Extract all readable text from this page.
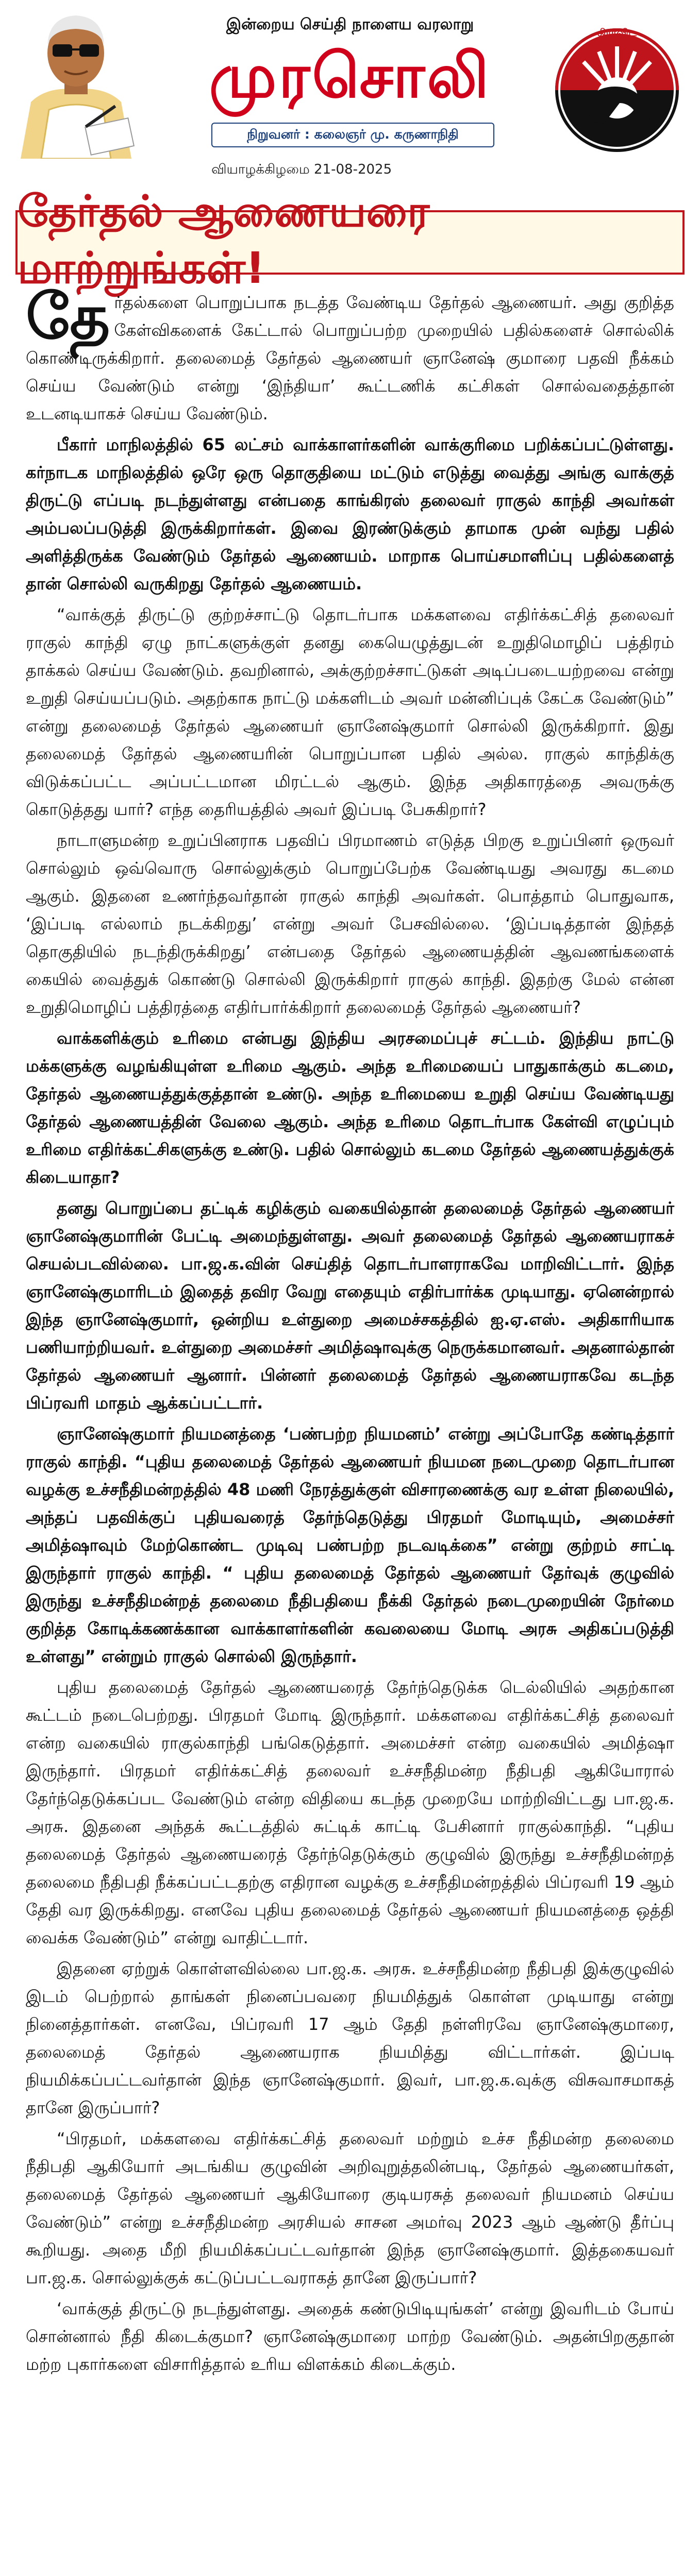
இன்றைய செய்தி நாளைய வரலாறு
முரசொலி
நிறுவனர் : கலைஞர் மு. கருணாநிதி
வியாழக்கிழமை 21-08-2025
திராவிட
தேர்தல் ஆணையரை மாற்றுங்கள்!

தேர்தல்களை பொறுப்பாக நடத்த வேண்டிய தேர்தல் ஆணையர். அது குறித்த கேள்விகளைக் கேட்டால் பொறுப்பற்ற முறையில் பதில்களைச் சொல்லிக் கொண்டிருக்கிறார். தலைமைத் தேர்தல் ஆணையர் ஞானேஷ் குமாரை பதவி நீக்கம் செய்ய வேண்டும் என்று ‘இந்தியா’ கூட்டணிக் கட்சிகள் சொல்வதைத்தான் உடனடியாகச் செய்ய வேண்டும்.

பீகார் மாநிலத்தில் 65 லட்சம் வாக்காளர்களின் வாக்குரிமை பறிக்கப்பட்டுள்ளது. கர்நாடக மாநிலத்தில் ஒரே ஒரு தொகுதியை மட்டும் எடுத்து வைத்து அங்கு வாக்குத் திருட்டு எப்படி நடந்துள்ளது என்பதை காங்கிரஸ் தலைவர் ராகுல் காந்தி அவர்கள் அம்பலப்படுத்தி இருக்கிறார்கள். இவை இரண்டுக்கும் தாமாக முன் வந்து பதில் அளித்திருக்க வேண்டும் தேர்தல் ஆணையம். மாறாக பொய்சமாளிப்பு பதில்களைத் தான் சொல்லி வருகிறது தேர்தல் ஆணையம்.

“வாக்குத் திருட்டு குற்றச்சாட்டு தொடர்பாக மக்களவை எதிர்க்கட்சித் தலைவர் ராகுல் காந்தி ஏழு நாட்களுக்குள் தனது கையெழுத்துடன் உறுதிமொழிப் பத்திரம் தாக்கல் செய்ய வேண்டும். தவறினால், அக்குற்றச்சாட்டுகள் அடிப்படையற்றவை என்று உறுதி செய்யப்படும். அதற்காக நாட்டு மக்களிடம் அவர் மன்னிப்புக் கேட்க வேண்டும்” என்று தலைமைத் தேர்தல் ஆணையர் ஞானேஷ்குமார் சொல்லி இருக்கிறார். இது தலைமைத் தேர்தல் ஆணையரின் பொறுப்பான பதில் அல்ல. ராகுல் காந்திக்கு விடுக்கப்பட்ட அப்பட்டமான மிரட்டல் ஆகும். இந்த அதிகாரத்தை அவருக்கு கொடுத்தது யார்? எந்த தைரியத்தில் அவர் இப்படி பேசுகிறார்?

நாடாளுமன்ற உறுப்பினராக பதவிப் பிரமாணம் எடுத்த பிறகு உறுப்பினர் ஒருவர் சொல்லும் ஒவ்வொரு சொல்லுக்கும் பொறுப்பேற்க வேண்டியது அவரது கடமை ஆகும். இதனை உணர்ந்தவர்தான் ராகுல் காந்தி அவர்கள். பொத்தாம் பொதுவாக, ‘இப்படி எல்லாம் நடக்கிறது’ என்று அவர் பேசவில்லை. ‘இப்படித்தான் இந்தத் தொகுதியில் நடந்திருக்கிறது’ என்பதை தேர்தல் ஆணையத்தின் ஆவணங்களைக் கையில் வைத்துக் கொண்டு சொல்லி இருக்கிறார் ராகுல் காந்தி. இதற்கு மேல் என்ன உறுதிமொழிப் பத்திரத்தை எதிர்பார்க்கிறார் தலைமைத் தேர்தல் ஆணையர்?

வாக்களிக்கும் உரிமை என்பது இந்திய அரசமைப்புச் சட்டம். இந்திய நாட்டு மக்களுக்கு வழங்கியுள்ள உரிமை ஆகும். அந்த உரிமையைப் பாதுகாக்கும் கடமை, தேர்தல் ஆணையத்துக்குத்தான் உண்டு. அந்த உரிமையை உறுதி செய்ய வேண்டியது தேர்தல் ஆணையத்தின் வேலை ஆகும். அந்த உரிமை தொடர்பாக கேள்வி எழுப்பும் உரிமை எதிர்க்கட்சிகளுக்கு உண்டு. பதில் சொல்லும் கடமை தேர்தல் ஆணையத்துக்குக் கிடையாதா?

தனது பொறுப்பை தட்டிக் கழிக்கும் வகையில்தான் தலைமைத் தேர்தல் ஆணையர் ஞானேஷ்குமாரின் பேட்டி அமைந்துள்ளது. அவர் தலைமைத் தேர்தல் ஆணையராகச் செயல்படவில்லை. பா.ஜ.க.வின் செய்தித் தொடர்பாளராகவே மாறிவிட்டார். இந்த ஞானேஷ்குமாரிடம் இதைத் தவிர வேறு எதையும் எதிர்பார்க்க முடியாது. ஏனென்றால் இந்த ஞானேஷ்குமார், ஒன்றிய உள்துறை அமைச்சகத்தில் ஐ.ஏ.எஸ். அதிகாரியாக பணியாற்றியவர். உள்துறை அமைச்சர் அமித்ஷாவுக்கு நெருக்கமானவர். அதனால்தான் தேர்தல் ஆணையர் ஆனார். பின்னர் தலைமைத் தேர்தல் ஆணையராகவே கடந்த பிப்ரவரி மாதம் ஆக்கப்பட்டார்.

ஞானேஷ்குமார் நியமனத்தை ‘பண்பற்ற நியமனம்’ என்று அப்போதே கண்டித்தார் ராகுல் காந்தி. “புதிய தலைமைத் தேர்தல் ஆணையர் நியமன நடைமுறை தொடர்பான வழக்கு உச்சநீதிமன்றத்தில் 48 மணி நேரத்துக்குள் விசாரணைக்கு வர உள்ள நிலையில், அந்தப் பதவிக்குப் புதியவரைத் தேர்ந்தெடுத்து பிரதமர் மோடியும், அமைச்சர் அமித்ஷாவும் மேற்கொண்ட முடிவு பண்பற்ற நடவடிக்கை” என்று குற்றம் சாட்டி இருந்தார் ராகுல் காந்தி. “ புதிய தலைமைத் தேர்தல் ஆணையர் தேர்வுக் குழுவில் இருந்து உச்சநீதிமன்றத் தலைமை நீதிபதியை நீக்கி தேர்தல் நடைமுறையின் நேர்மை குறித்த கோடிக்கணக்கான வாக்காளர்களின் கவலையை மோடி அரசு அதிகப்படுத்தி உள்ளது” என்றும் ராகுல் சொல்லி இருந்தார்.

புதிய தலைமைத் தேர்தல் ஆணையரைத் தேர்ந்தெடுக்க டெல்லியில் அதற்கான கூட்டம் நடைபெற்றது. பிரதமர் மோடி இருந்தார். மக்களவை எதிர்க்கட்சித் தலைவர் என்ற வகையில் ராகுல்காந்தி பங்கெடுத்தார். அமைச்சர் என்ற வகையில் அமித்ஷா இருந்தார். பிரதமர் எதிர்க்கட்சித் தலைவர் உச்சநீதிமன்ற நீதிபதி ஆகியோரால் தேர்ந்தெடுக்கப்பட வேண்டும் என்ற விதியை கடந்த முறையே மாற்றிவிட்டது பா.ஜ.க. அரசு. இதனை அந்தக் கூட்டத்தில் சுட்டிக் காட்டி பேசினார் ராகுல்காந்தி. “புதிய தலைமைத் தேர்தல் ஆணையரைத் தேர்ந்தெடுக்கும் குழுவில் இருந்து உச்சநீதிமன்றத் தலைமை நீதிபதி நீக்கப்பட்டதற்கு எதிரான வழக்கு உச்சநீதிமன்றத்தில் பிப்ரவரி 19 ஆம் தேதி வர இருக்கிறது. எனவே புதிய தலைமைத் தேர்தல் ஆணையர் நியமனத்தை ஒத்தி வைக்க வேண்டும்” என்று வாதிட்டார்.

இதனை ஏற்றுக் கொள்ளவில்லை பா.ஜ.க. அரசு. உச்சநீதிமன்ற நீதிபதி இக்குழுவில் இடம் பெற்றால் தாங்கள் நினைப்பவரை நியமித்துக் கொள்ள முடியாது என்று நினைத்தார்கள். எனவே, பிப்ரவரி 17 ஆம் தேதி நள்ளிரவே ஞானேஷ்குமாரை, தலைமைத் தேர்தல் ஆணையராக நியமித்து விட்டார்கள். இப்படி நியமிக்கப்பட்டவர்தான் இந்த ஞானேஷ்குமார். இவர், பா.ஜ.க.வுக்கு விசுவாசமாகத் தானே இருப்பார்?

“பிரதமர், மக்களவை எதிர்க்கட்சித் தலைவர் மற்றும் உச்ச நீதிமன்ற தலைமை நீதிபதி ஆகியோர் அடங்கிய குழுவின் அறிவுறுத்தலின்படி, தேர்தல் ஆணையர்கள், தலைமைத் தேர்தல் ஆணையர் ஆகியோரை குடியரசுத் தலைவர் நியமனம் செய்ய வேண்டும்” என்று உச்சநீதிமன்ற அரசியல் சாசன அமர்வு 2023 ஆம் ஆண்டு தீர்ப்பு கூறியது. அதை மீறி நியமிக்கப்பட்டவர்தான் இந்த ஞானேஷ்குமார். இத்தகையவர் பா.ஜ.க. சொல்லுக்குக் கட்டுப்பட்டவராகத் தானே இருப்பார்?

‘வாக்குத் திருட்டு நடந்துள்ளது. அதைக் கண்டுபிடியுங்கள்’ என்று இவரிடம் போய் சொன்னால் நீதி கிடைக்குமா? ஞானேஷ்குமாரை மாற்ற வேண்டும். அதன்பிறகுதான் மற்ற புகார்களை விசாரித்தால் உரிய விளக்கம் கிடைக்கும்.
